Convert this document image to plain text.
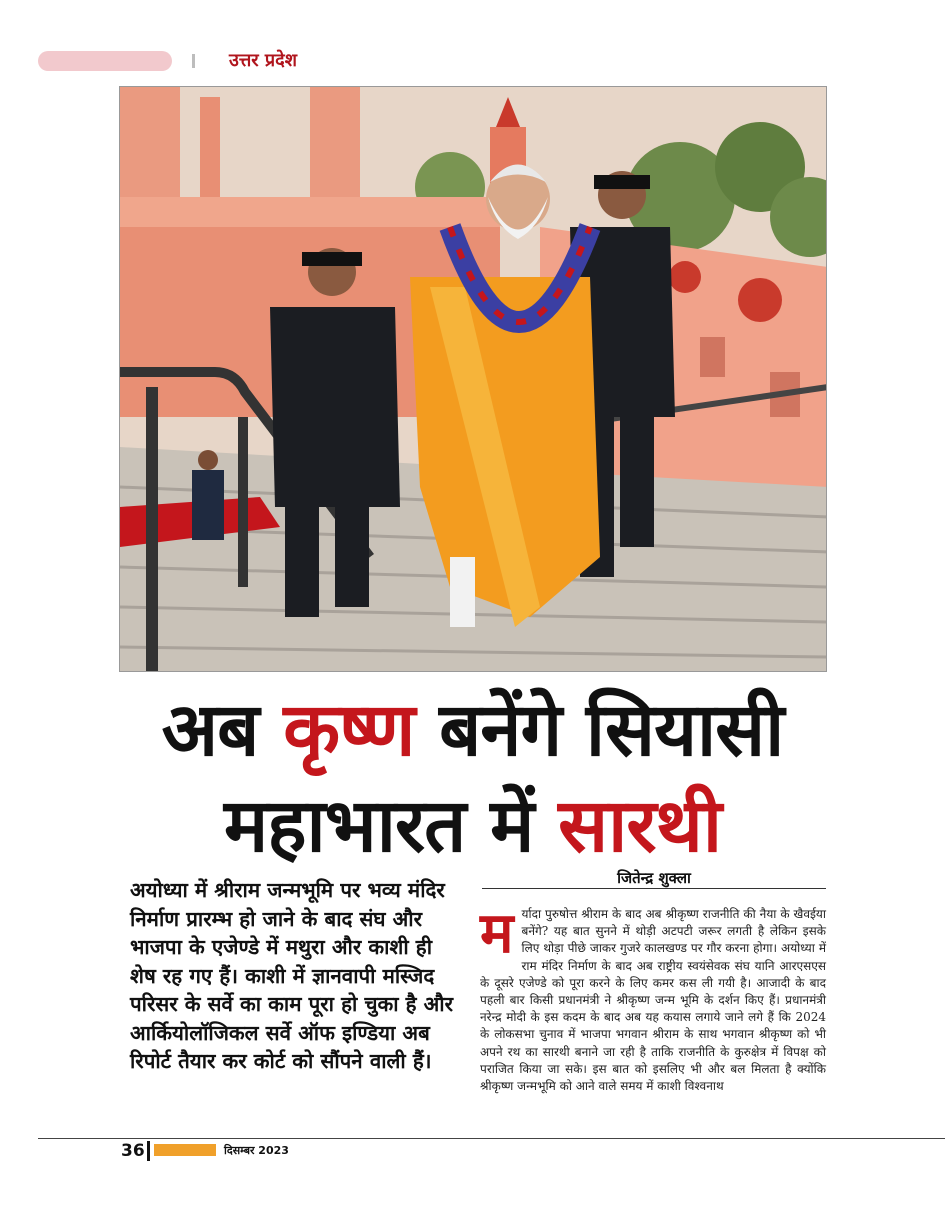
उत्तर प्रदेश
अब कृष्ण बनेंगे सियासी
महाभारत में सारथी
अयोध्या में श्रीराम जन्मभूमि पर भव्य मंदिर निर्माण प्रारम्भ हो जाने के बाद संघ और भाजपा के एजेण्डे में मथुरा और काशी ही शेष रह गए हैं। काशी में ज्ञानवापी मस्जिद परिसर के सर्वे का काम पूरा हो चुका है और आर्कियोलॉजिकल सर्वे ऑफ इण्डिया अब रिपोर्ट तैयार कर कोर्ट को सौंपने वाली हैं।
जितेन्द्र शुक्ला
मर्यादा पुरुषोत्त श्रीराम के बाद अब श्रीकृष्ण राजनीति की नैया के खैवईया बनेंगे? यह बात सुनने में थोड़ी अटपटी जरूर लगती है लेकिन इसके लिए थोड़ा पीछे जाकर गुजरे कालखण्ड पर गौर करना होगा। अयोध्या में राम मंदिर निर्माण के बाद अब राष्ट्रीय स्वयंसेवक संघ यानि आरएसएस के दूसरे एजेण्डे को पूरा करने के लिए कमर कस ली गयी है। आजादी के बाद पहली बार किसी प्रधानमंत्री ने श्रीकृष्ण जन्म भूमि के दर्शन किए हैं। प्रधानमंत्री नरेन्द्र मोदी के इस कदम के बाद अब यह कयास लगाये जाने लगे हैं कि 2024 के लोकसभा चुनाव में भाजपा भगवान श्रीराम के साथ भगवान श्रीकृष्ण को भी अपने रथ का सारथी बनाने जा रही है ताकि राजनीति के कुरुक्षेत्र में विपक्ष को पराजित किया जा सके। इस बात को इसलिए भी और बल मिलता है क्योंकि श्रीकृष्ण जन्मभूमि को आने वाले समय में काशी विश्वनाथ
36	दिसम्बर 2023
